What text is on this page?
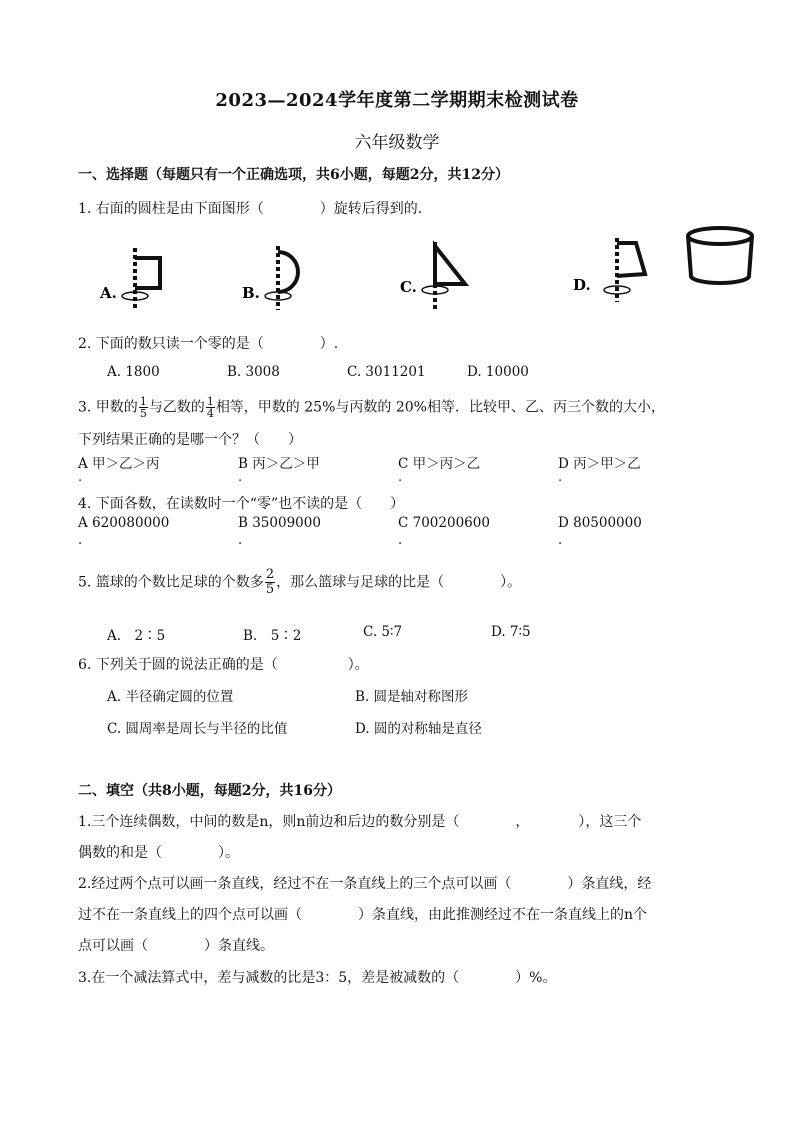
2023—2024学年度第二学期期末检测试卷
六年级数学
一、选择题（每题只有一个正确选项，共6小题，每题2分，共12分）
1. 右面的圆柱是由下面图形（　　　　）旋转后得到的.
A.	B.	C.	D.
2. 下面的数只读一个零的是（　　　　）.
A. 1800	B. 3008	C. 3011201	D. 10000
3. 甲数的 $\frac{1}{5}$ 与乙数的 $\frac{1}{4}$ 相等，甲数的 25%与丙数的 20%相等．比较甲、乙、丙三个数的大小，
下列结果正确的是哪一个？（　　）
A 甲＞乙＞丙	B 丙＞乙＞甲	C 甲＞丙＞乙	D 丙＞甲＞乙
.	.	.	.
4. 下面各数，在读数时一个“零”也不读的是（　　）
A 620080000	B 35009000	C 700200600	D 80500000
.	.	.	.
5. 篮球的个数比足球的个数多 $\frac{2}{5}$ ，那么篮球与足球的比是（　　　　）。
A.　2∶5	B.　5∶2	C. 5∶7	D. 7∶5
6. 下列关于圆的说法正确的是（　　　　　）。
A. 半径确定圆的位置	B. 圆是轴对称图形
C. 圆周率是周长与半径的比值	D. 圆的对称轴是直径
二、填空（共8小题，每题2分，共16分）
1.三个连续偶数，中间的数是n，则n前边和后边的数分别是（　　　　，　　　　），这三个
偶数的和是（　　　　）。
2.经过两个点可以画一条直线，经过不在一条直线上的三个点可以画（　　　　）条直线，经
过不在一条直线上的四个点可以画（　　　　）条直线，由此推测经过不在一条直线上的n个
点可以画（　　　　）条直线。
3.在一个减法算式中，差与减数的比是3：5，差是被减数的（　　　　）%。
